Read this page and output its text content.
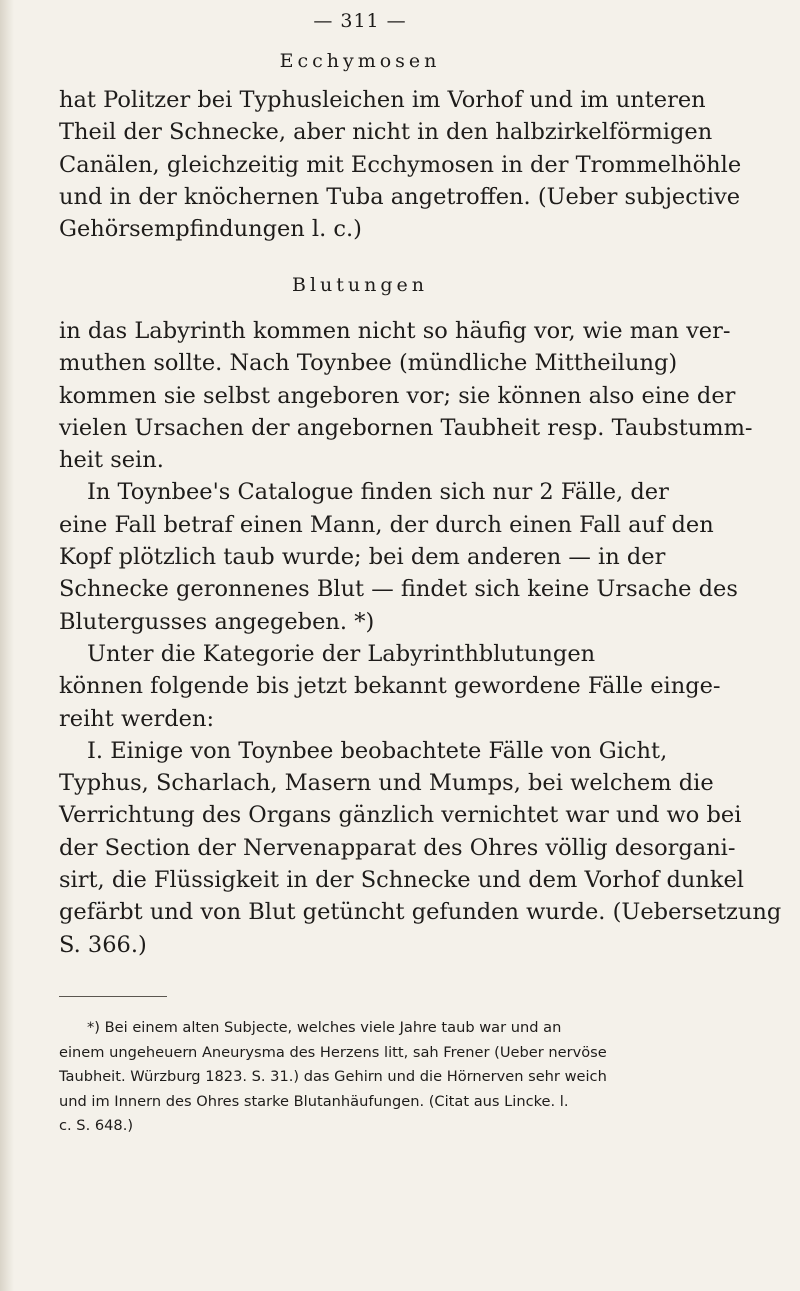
— 311 —
Ecchymosen
hat Politzer bei Typhusleichen im Vorhof und im unteren
Theil der Schnecke, aber nicht in den halbzirkelförmigen
Canälen, gleichzeitig mit Ecchymosen in der Trommelhöhle
und in der knöchernen Tuba angetroffen. (Ueber subjective
Gehörsempfindungen l. c.)
Blutungen
in das Labyrinth kommen nicht so häufig vor, wie man ver-
muthen sollte. Nach Toynbee (mündliche Mittheilung)
kommen sie selbst angeboren vor; sie können also eine der
vielen Ursachen der angebornen Taubheit resp. Taubstumm-
heit sein.
In Toynbee's Catalogue finden sich nur 2 Fälle, der
eine Fall betraf einen Mann, der durch einen Fall auf den
Kopf plötzlich taub wurde; bei dem anderen — in der
Schnecke geronnenes Blut — findet sich keine Ursache des
Blutergusses angegeben. *)
Unter die Kategorie der Labyrinthblutungen
können folgende bis jetzt bekannt gewordene Fälle einge-
reiht werden:
I. Einige von Toynbee beobachtete Fälle von Gicht,
Typhus, Scharlach, Masern und Mumps, bei welchem die
Verrichtung des Organs gänzlich vernichtet war und wo bei
der Section der Nervenapparat des Ohres völlig desorgani-
sirt, die Flüssigkeit in der Schnecke und dem Vorhof dunkel
gefärbt und von Blut getüncht gefunden wurde. (Uebersetzung
S. 366.)
*) Bei einem alten Subjecte, welches viele Jahre taub war und an
einem ungeheuern Aneurysma des Herzens litt, sah Frener (Ueber nervöse
Taubheit. Würzburg 1823. S. 31.) das Gehirn und die Hörnerven sehr weich
und im Innern des Ohres starke Blutanhäufungen. (Citat aus Lincke. l.
c. S. 648.)
